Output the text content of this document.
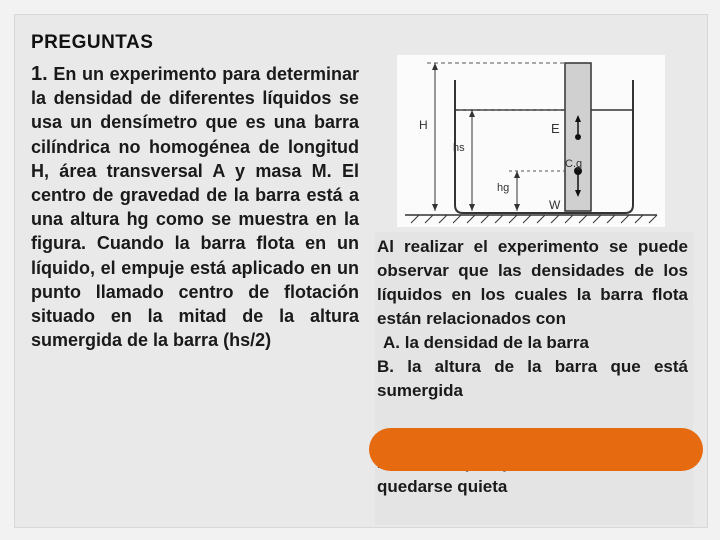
PREGUNTAS
1. En un experimento para determinar la densidad de diferentes líquidos se usa un densímetro que es una barra cilíndrica no homogénea de longitud H, área transversal A y masa M. El centro de gravedad de la barra está a una altura hg como se muestra en la figura. Cuando la barra flota en un líquido, el empuje está aplicado en un punto llamado centro de flotación situado en la mitad de la altura sumergida de la barra (hs/2)
H
hs
E
C.g
hg
W

Al realizar el experimento se puede observar que las densidades de los líquidos en los cuales la barra flota están relacionados con

A. la densidad de la barra

B. la altura de la barra que está sumergida

quedarse quieta
